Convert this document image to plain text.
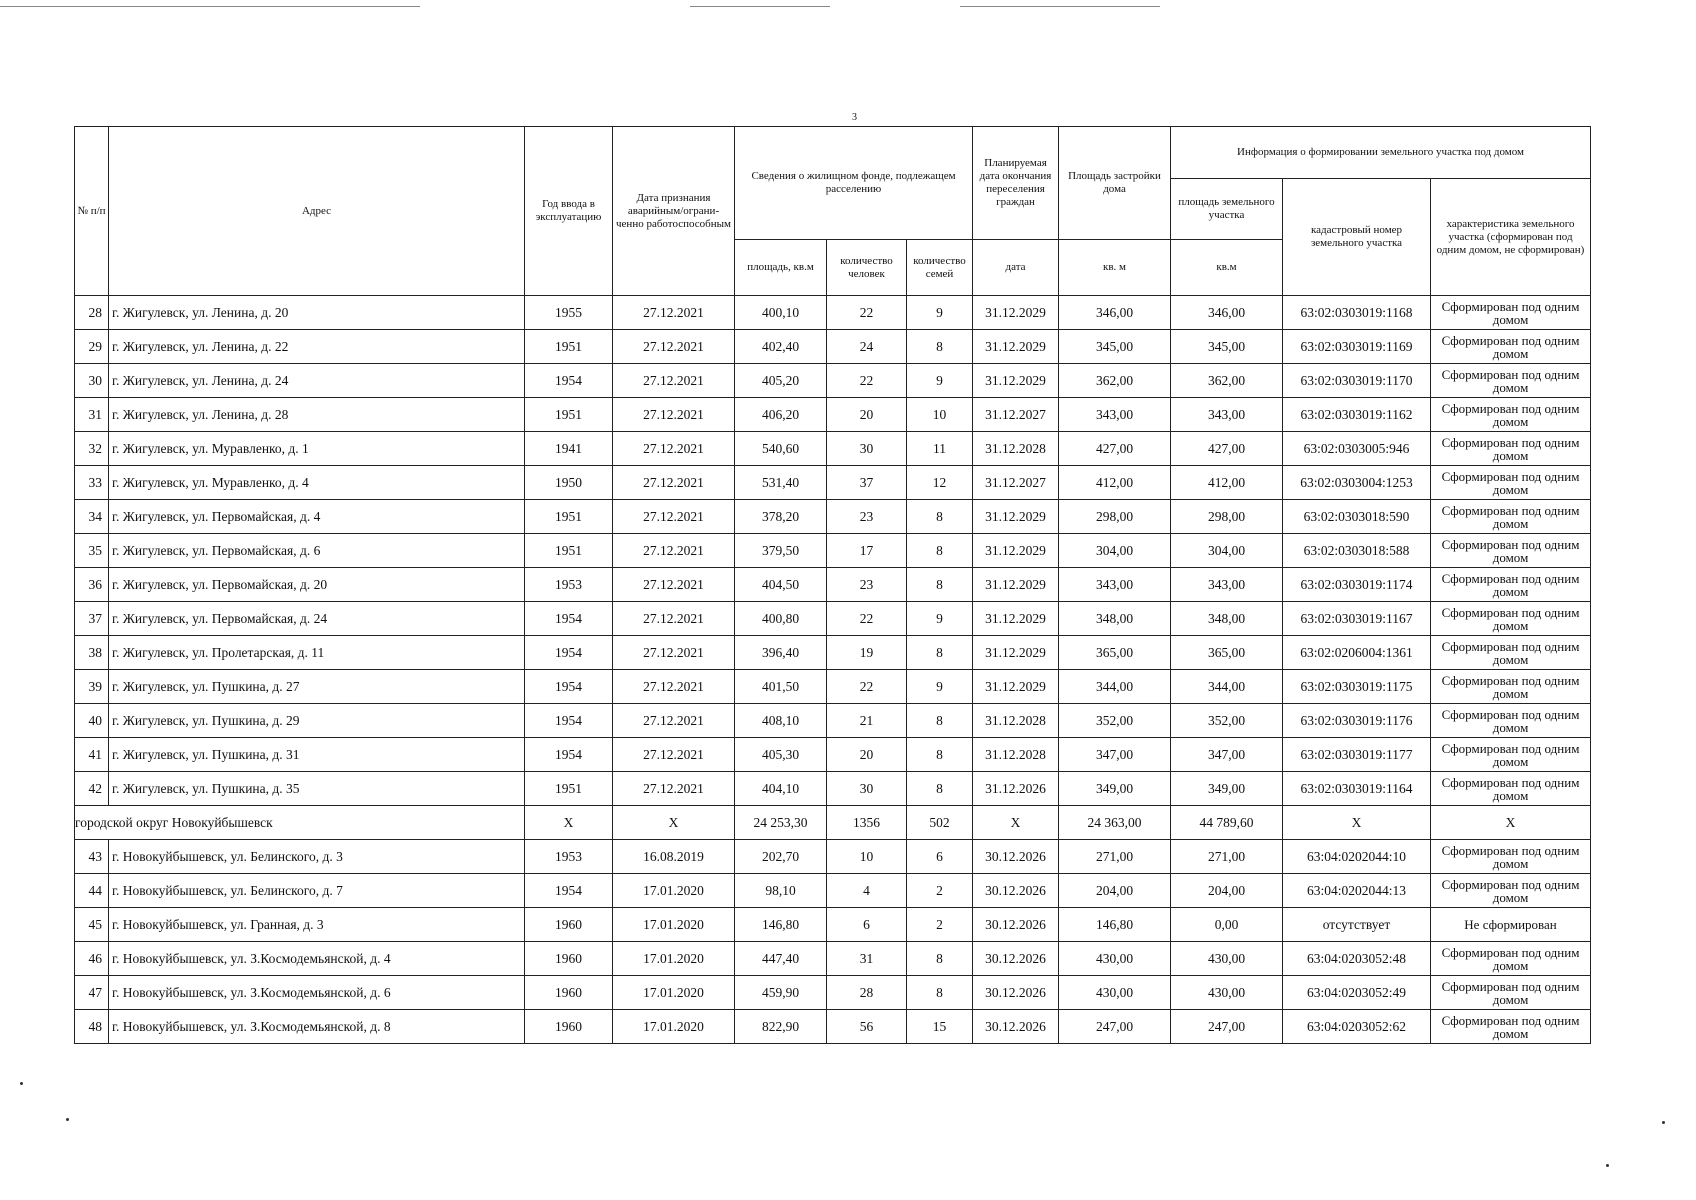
3
№ п/п	Адрес	Год ввода в эксплуатацию	Дата признания аварийным/ограни-ченно работоспособным	Сведения о жилищном фонде, подлежащем расселению			Планируемая дата окончания переселения граждан	Площадь застройки дома	Информация о формировании земельного участка под домом		
									площадь земельного участка	кадастровый номер земельного участка	характеристика земельного участка (сформирован под одним домом, не сформирован)
				площадь, кв.м	количество человек	количество семей	дата	кв. м	кв.м		
28	г. Жигулевск, ул. Ленина, д. 20	1955	27.12.2021	400,10	22	9	31.12.2029	346,00	346,00	63:02:0303019:1168	Сформирован под одним домом
29	г. Жигулевск, ул. Ленина, д. 22	1951	27.12.2021	402,40	24	8	31.12.2029	345,00	345,00	63:02:0303019:1169	Сформирован под одним домом
30	г. Жигулевск, ул. Ленина, д. 24	1954	27.12.2021	405,20	22	9	31.12.2029	362,00	362,00	63:02:0303019:1170	Сформирован под одним домом
31	г. Жигулевск, ул. Ленина, д. 28	1951	27.12.2021	406,20	20	10	31.12.2027	343,00	343,00	63:02:0303019:1162	Сформирован под одним домом
32	г. Жигулевск, ул. Муравленко, д. 1	1941	27.12.2021	540,60	30	11	31.12.2028	427,00	427,00	63:02:0303005:946	Сформирован под одним домом
33	г. Жигулевск, ул. Муравленко, д. 4	1950	27.12.2021	531,40	37	12	31.12.2027	412,00	412,00	63:02:0303004:1253	Сформирован под одним домом
34	г. Жигулевск, ул. Первомайская, д. 4	1951	27.12.2021	378,20	23	8	31.12.2029	298,00	298,00	63:02:0303018:590	Сформирован под одним домом
35	г. Жигулевск, ул. Первомайская, д. 6	1951	27.12.2021	379,50	17	8	31.12.2029	304,00	304,00	63:02:0303018:588	Сформирован под одним домом
36	г. Жигулевск, ул. Первомайская, д. 20	1953	27.12.2021	404,50	23	8	31.12.2029	343,00	343,00	63:02:0303019:1174	Сформирован под одним домом
37	г. Жигулевск, ул. Первомайская, д. 24	1954	27.12.2021	400,80	22	9	31.12.2029	348,00	348,00	63:02:0303019:1167	Сформирован под одним домом
38	г. Жигулевск, ул. Пролетарская, д. 11	1954	27.12.2021	396,40	19	8	31.12.2029	365,00	365,00	63:02:0206004:1361	Сформирован под одним домом
39	г. Жигулевск, ул. Пушкина, д. 27	1954	27.12.2021	401,50	22	9	31.12.2029	344,00	344,00	63:02:0303019:1175	Сформирован под одним домом
40	г. Жигулевск, ул. Пушкина, д. 29	1954	27.12.2021	408,10	21	8	31.12.2028	352,00	352,00	63:02:0303019:1176	Сформирован под одним домом
41	г. Жигулевск, ул. Пушкина, д. 31	1954	27.12.2021	405,30	20	8	31.12.2028	347,00	347,00	63:02:0303019:1177	Сформирован под одним домом
42	г. Жигулевск, ул. Пушкина, д. 35	1951	27.12.2021	404,10	30	8	31.12.2026	349,00	349,00	63:02:0303019:1164	Сформирован под одним домом
городской округ Новокуйбышевск		X	X	24 253,30	1356	502	X	24 363,00	44 789,60	X	X
43	г. Новокуйбышевск, ул. Белинского, д. 3	1953	16.08.2019	202,70	10	6	30.12.2026	271,00	271,00	63:04:0202044:10	Сформирован под одним домом
44	г. Новокуйбышевск, ул. Белинского, д. 7	1954	17.01.2020	98,10	4	2	30.12.2026	204,00	204,00	63:04:0202044:13	Сформирован под одним домом
45	г. Новокуйбышевск, ул. Гранная, д. 3	1960	17.01.2020	146,80	6	2	30.12.2026	146,80	0,00	отсутствует	Не сформирован
46	г. Новокуйбышевск, ул. З.Космодемьянской, д. 4	1960	17.01.2020	447,40	31	8	30.12.2026	430,00	430,00	63:04:0203052:48	Сформирован под одним домом
47	г. Новокуйбышевск, ул. З.Космодемьянской, д. 6	1960	17.01.2020	459,90	28	8	30.12.2026	430,00	430,00	63:04:0203052:49	Сформирован под одним домом
48	г. Новокуйбышевск, ул. З.Космодемьянской, д. 8	1960	17.01.2020	822,90	56	15	30.12.2026	247,00	247,00	63:04:0203052:62	Сформирован под одним домом
